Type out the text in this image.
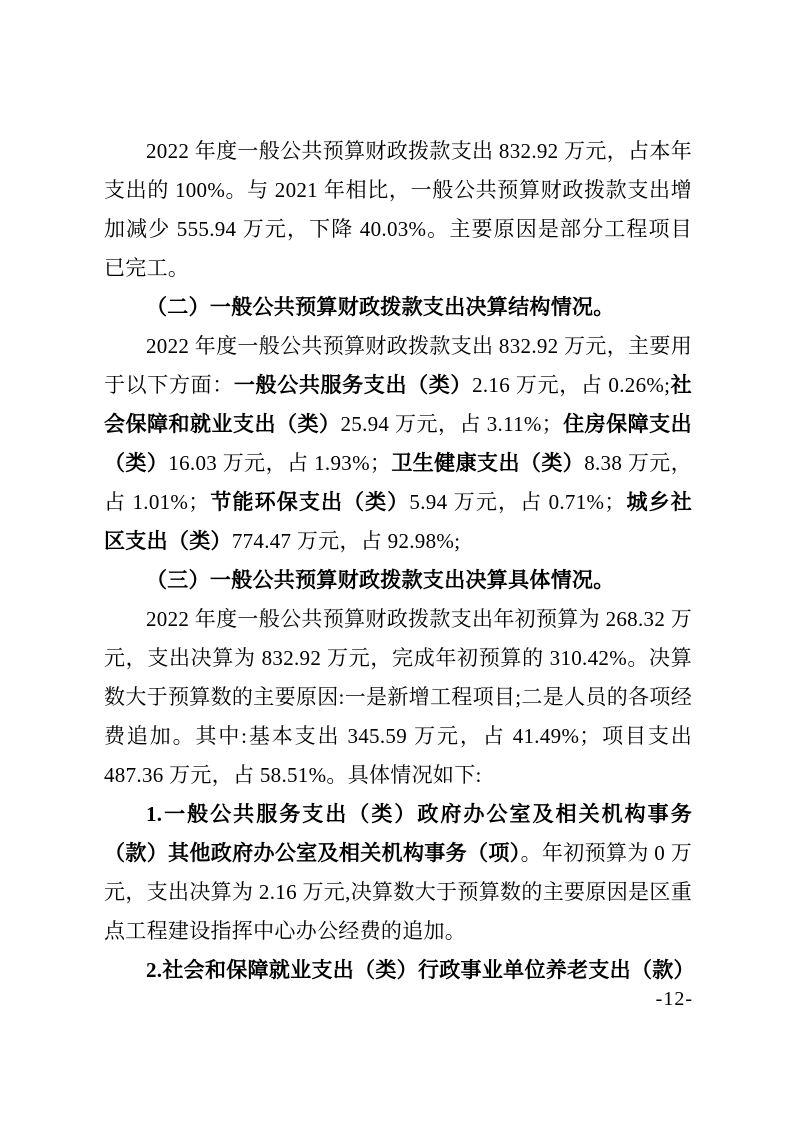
2022 年度一般公共预算财政拨款支出 832.92 万元，占本年支出的 100%。与 2021 年相比，一般公共预算财政拨款支出增加减少 555.94 万元，下降 40.03%。主要原因是部分工程项目已完工。

（二）一般公共预算财政拨款支出决算结构情况。

2022 年度一般公共预算财政拨款支出 832.92 万元，主要用于以下方面：一般公共服务支出（类）2.16 万元，占 0.26%;社会保障和就业支出（类）25.94 万元，占 3.11%；住房保障支出（类）16.03 万元，占 1.93%；卫生健康支出（类）8.38 万元，占 1.01%；节能环保支出（类）5.94 万元，占 0.71%；城乡社区支出（类）774.47 万元，占 92.98%;

（三）一般公共预算财政拨款支出决算具体情况。

2022 年度一般公共预算财政拨款支出年初预算为 268.32 万元，支出决算为 832.92 万元，完成年初预算的 310.42%。决算数大于预算数的主要原因:一是新增工程项目;二是人员的各项经费追加。其中:基本支出 345.59 万元，占 41.49%；项目支出 487.36 万元，占 58.51%。具体情况如下:

1.一般公共服务支出（类）政府办公室及相关机构事务（款）其他政府办公室及相关机构事务（项）。年初预算为 0 万元，支出决算为 2.16 万元,决算数大于预算数的主要原因是区重点工程建设指挥中心办公经费的追加。

2.社会和保障就业支出（类）行政事业单位养老支出（款）

-12-
